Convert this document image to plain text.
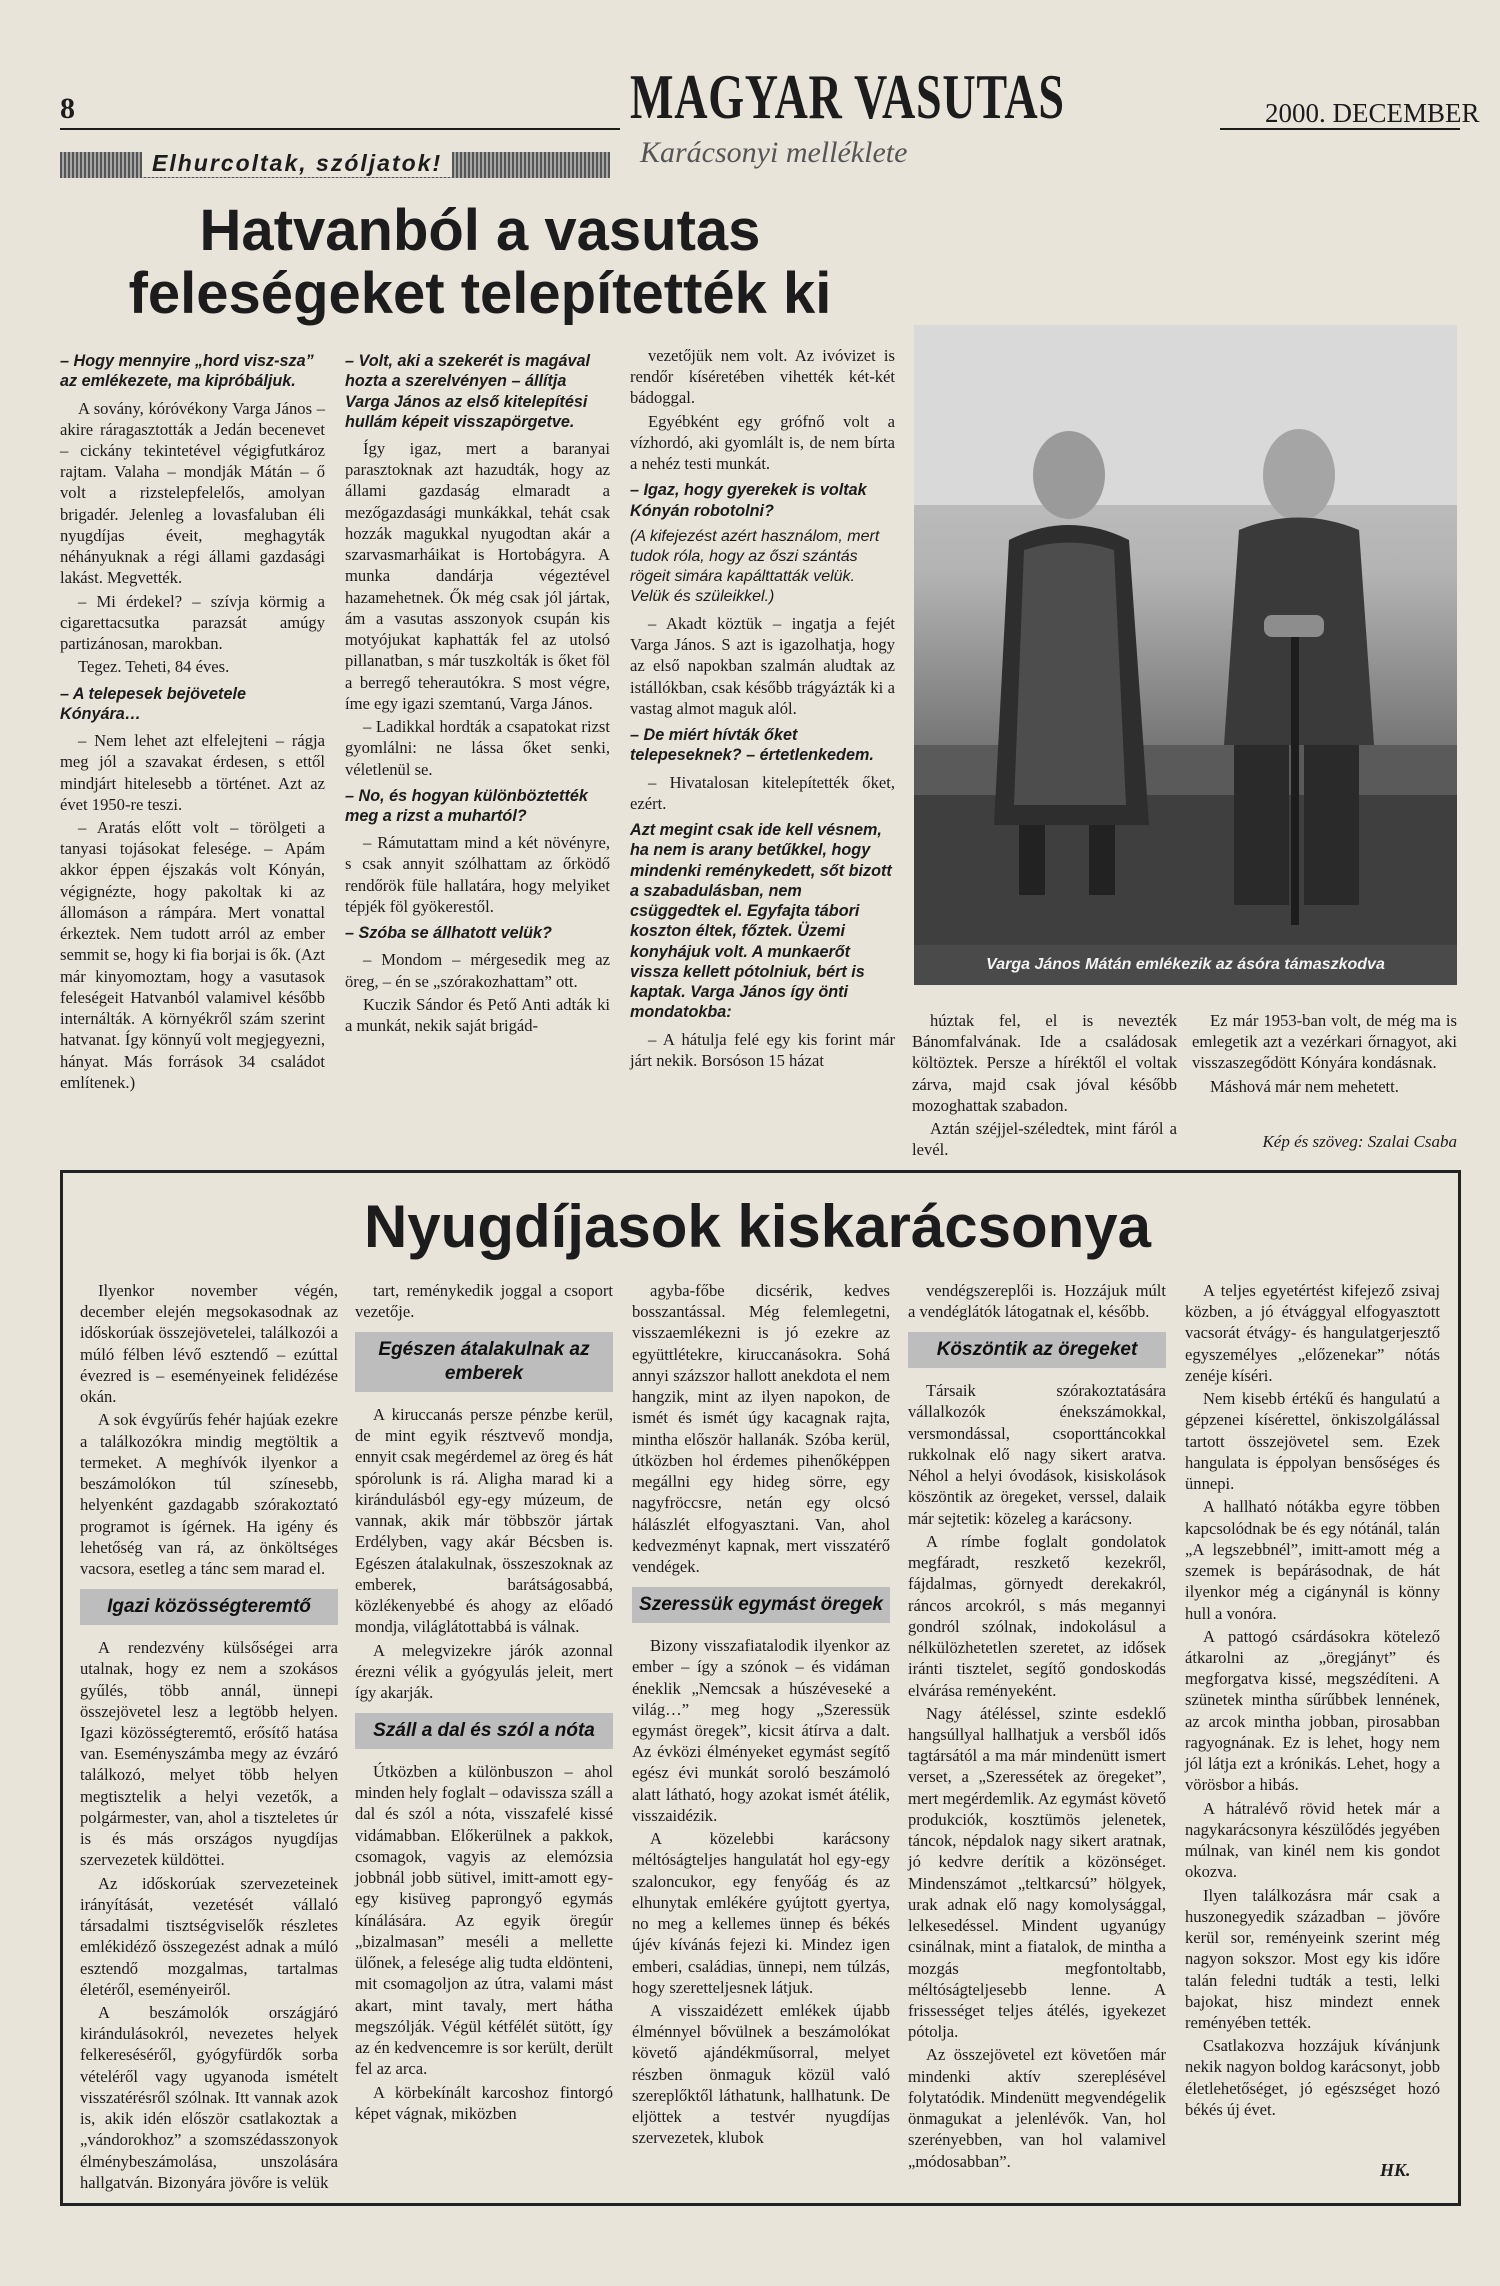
8	MAGYAR VASUTAS
Karácsonyi melléklete
2000. DECEMBER
Elhurcoltak, szóljatok!
Hatvanból a vasutas
feleségeket telepítették ki
– Hogy mennyire „hord visz-sza” az emlékezete, ma kipróbáljuk.

A sovány, kóróvékony Varga János – akire ráragasztották a Jedán becenevet – cickány tekintetével végigfutkároz rajtam. Valaha – mondják Mátán – ő volt a rizstelepfelelős, amolyan brigadér. Jelenleg a lovasfaluban éli nyugdíjas éveit, meghagyták néhányuknak a régi állami gazdasági lakást. Megvették.

– Mi érdekel? – szívja körmig a cigarettacsutka parazsát amúgy partizánosan, marokban.

Tegez. Teheti, 84 éves.

– A telepesek bejövetele Kónyára…

– Nem lehet azt elfelejteni – rágja meg jól a szavakat érdesen, s ettől mindjárt hitelesebb a történet. Azt az évet 1950-re teszi.

– Aratás előtt volt – törölgeti a tanyasi tojásokat felesége. – Apám akkor éppen éjszakás volt Kónyán, végignézte, hogy pakoltak ki az állomáson a rámpára. Mert vonattal érkeztek. Nem tudott arról az ember semmit se, hogy ki fia borjai is ők. (Azt már kinyomoztam, hogy a vasutasok feleségeit Hatvanból valamivel később internálták. A környékről szám szerint hatvanat. Így könnyű volt megjegyezni, hányat. Más források 34 családot említenek.)

– Volt, aki a szekerét is magával hozta a szerelvényen – állítja Varga János az első kitelepítési hullám képeit visszapörgetve.

Így igaz, mert a baranyai parasztoknak azt hazudták, hogy az állami gazdaság elmaradt a mezőgazdasági munkákkal, tehát csak hozzák magukkal nyugodtan akár a szarvasmarháikat is Hortobágyra. A munka dandárja végeztével hazamehetnek. Ők még csak jól jártak, ám a vasutas asszonyok csupán kis motyójukat kaphatták fel az utolsó pillanatban, s már tuszkolták is őket föl a berregő teherautókra. S most végre, íme egy igazi szemtanú, Varga János.

– Ladikkal hordták a csapatokat rizst gyomlálni: ne lássa őket senki, véletlenül se.

– No, és hogyan különböztették meg a rizst a muhartól?

– Rámutattam mind a két növényre, s csak annyit szólhattam az őrködő rendőrök füle hallatára, hogy melyiket tépjék föl gyökerestől.

– Szóba se állhatott velük?

– Mondom – mérgesedik meg az öreg, – én se „szórakozhattam” ott.

Kuczik Sándor és Pető Anti adták ki a munkát, nekik saját brigád-

vezetőjük nem volt. Az ivóvizet is rendőr kíséretében vihették két-két bádoggal.

Egyébként egy grófnő volt a vízhordó, aki gyomlált is, de nem bírta a nehéz testi munkát.

– Igaz, hogy gyerekek is voltak Kónyán robotolni?
(A kifejezést azért használom, mert tudok róla, hogy az őszi szántás rögeit simára kapálttatták velük. Velük és szüleikkel.)

– Akadt köztük – ingatja a fejét Varga János. S azt is igazolhatja, hogy az első napokban szalmán aludtak az istállókban, csak később trágyázták ki a vastag almot maguk alól.

– De miért hívták őket telepeseknek? – értetlenkedem.

– Hivatalosan kitelepítették őket, ezért.

Azt megint csak ide kell vésnem, ha nem is arany betűkkel, hogy mindenki reménykedett, sőt bizott a szabadulásban, nem csüggedtek el. Egyfajta tábori koszton éltek, főztek. Üzemi konyhájuk volt. A munkaerőt vissza kellett pótolniuk, bért is kaptak. Varga János így önti mondatokba:

– A hátulja felé egy kis forint már járt nekik. Borsóson 15 házat

Varga János Mátán emlékezik az ásóra támaszkodva

húztak fel, el is nevezték Bánomfalvának. Ide a családosak költöztek. Persze a híréktől el voltak zárva, majd csak jóval később mozoghattak szabadon.

Aztán széjjel-széledtek, mint fáról a levél.

Ez már 1953-ban volt, de még ma is emlegetik azt a vezérkari őrnagyot, aki visszaszegődött Kónyára kondásnak.

Máshová már nem mehetett.

Kép és szöveg: Szalai Csaba
Nyugdíjasok kiskarácsonya

Ilyenkor november végén, december elején megsokasodnak az időskorúak összejövetelei, találkozói a múló félben lévő esztendő – ezúttal évezred is – eseményeinek felidézése okán.

A sok évgyűrűs fehér hajúak ezekre a találkozókra mindig megtöltik a termeket. A meghívók ilyenkor a beszámolókon túl színesebb, helyenként gazdagabb szórakoztató programot is ígérnek. Ha igény és lehetőség van rá, az önköltséges vacsora, esetleg a tánc sem marad el.

Igazi közösségteremtő

A rendezvény külsőségei arra utalnak, hogy ez nem a szokásos gyűlés, több annál, ünnepi összejövetel lesz a legtöbb helyen. Igazi közösségteremtő, erősítő hatása van. Eseményszámba megy az évzáró találkozó, melyet több helyen megtisztelik a helyi vezetők, a polgármester, van, ahol a tiszteletes úr is és más országos nyugdíjas szervezetek küldöttei.

Az időskorúak szervezeteinek irányítását, vezetését vállaló társadalmi tisztségviselők részletes emlékidéző összegezést adnak a múló esztendő mozgalmas, tartalmas életéről, eseményeiről.

A beszámolók országjáró kirándulásokról, nevezetes helyek felkereséséről, gyógyfürdők sorba vételéről vagy ugyanoda ismételt visszatérésről szólnak. Itt vannak azok is, akik idén először csatlakoztak a „vándorokhoz” a szomszédasszonyok élménybeszámolása, unszolására hallgatván. Bizonyára jövőre is velük

tart, reménykedik joggal a csoport vezetője.

Egészen átalakulnak az emberek

A kiruccanás persze pénzbe kerül, de mint egyik résztvevő mondja, ennyit csak megérdemel az öreg és hát spórolunk is rá. Aligha marad ki a kirándulásból egy-egy múzeum, de vannak, akik már többször jártak Erdélyben, vagy akár Bécsben is. Egészen átalakulnak, összeszoknak az emberek, barátságosabbá, közlékenyebbé és ahogy az előadó mondja, világlátottabbá is válnak.

A melegvizekre járók azonnal érezni vélik a gyógyulás jeleit, mert így akarják.

Száll a dal és szól a nóta

Útközben a különbuszon – ahol minden hely foglalt – odavissza száll a dal és szól a nóta, visszafelé kissé vidámabban. Előkerülnek a pakkok, csomagok, vagyis az elemózsia jobbnál jobb sütivel, imitt-amott egy-egy kisüveg paprongyő egymás kínálására. Az egyik öregúr „bizalmasan” meséli a mellette ülőnek, a felesége alig tudta eldönteni, mit csomagoljon az útra, valami mást akart, mint tavaly, mert hátha megszólják. Végül kétfélét sütött, így az én kedvencemre is sor került, derült fel az arca.

A körbekínált karcoshoz fintorgó képet vágnak, miközben

agyba-főbe dicsérik, kedves bosszantással. Még felemlegetni, visszaemlékezni is jó ezekre az együttlétekre, kiruccanásokra. Sohá annyi százszor hallott anekdota el nem hangzik, mint az ilyen napokon, de ismét és ismét úgy kacagnak rajta, mintha először hallanák. Szóba kerül, útközben hol érdemes pihenőképpen megállni egy hideg sörre, egy nagyfröccsre, netán egy olcsó hálászlét elfogyasztani. Van, ahol kedvezményt kapnak, mert visszatérő vendégek.

Szeressük egymást öregek

Bizony visszafiatalodik ilyenkor az ember – így a szónok – és vidáman éneklik „Nemcsak a húszéveseké a világ…” meg hogy „Szeressük egymást öregek”, kicsit átírva a dalt. Az évközi élményeket egymást segítő egész évi munkát soroló beszámoló alatt látható, hogy azokat ismét átélik, visszaidézik.

A közelebbi karácsony méltóságteljes hangulatát hol egy-egy szaloncukor, egy fenyőág és az elhunytak emlékére gyújtott gyertya, no meg a kellemes ünnep és békés újév kívánás fejezi ki. Mindez igen emberi, családias, ünnepi, nem túlzás, hogy szeretteljesnek látjuk.

A visszaidézett emlékek újabb élménnyel bővülnek a beszámolókat követő ajándékműsorral, melyet részben önmaguk közül való szereplőktől láthatunk, hallhatunk. De eljöttek a testvér nyugdíjas szervezetek, klubok

vendégszereplői is. Hozzájuk múlt a vendéglátók látogatnak el, később.

Köszöntik az öregeket

Társaik szórakoztatására vállalkozók énekszámokkal, versmondással, csoporttáncokkal rukkolnak elő nagy sikert aratva. Néhol a helyi óvodások, kisiskolások köszöntik az öregeket, verssel, dalaik már sejtetik: közeleg a karácsony.

A rímbe foglalt gondolatok megfáradt, reszkető kezekről, fájdalmas, görnyedt derekakról, ráncos arcokról, s más megannyi gondról szólnak, indokolásul a nélkülözhetetlen szeretet, az idősek iránti tisztelet, segítő gondoskodás elvárása reményeként.

Nagy átéléssel, szinte esdeklő hangsúllyal hallhatjuk a versből idős tagtársától a ma már mindenütt ismert verset, a „Szeressétek az öregeket”, mert megérdemlik. Az egymást követő produkciók, kosztümös jelenetek, táncok, népdalok nagy sikert aratnak, jó kedvre derítik a közönséget. Mindenszámot „teltkarcsú” hölgyek, urak adnak elő nagy komolysággal, lelkesedéssel. Mindent ugyanúgy csinálnak, mint a fiatalok, de mintha a mozgás megfontoltabb, méltóságteljesebb lenne. A frissességet teljes átélés, igyekezet pótolja.

Az összejövetel ezt követően már mindenki aktív szereplésével folytatódik. Mindenütt megvendégelik önmagukat a jelenlévők. Van, hol szerényebben, van hol valamivel „módosabban”.

A teljes egyetértést kifejező zsivaj közben, a jó étvággyal elfogyasztott vacsorát étvágy- és hangulatgerjesztő egyszemélyes „előzenekar” nótás zenéje kíséri.

Nem kisebb értékű és hangulatú a gépzenei kísérettel, önkiszolgálással tartott összejövetel sem. Ezek hangulata is éppolyan bensőséges és ünnepi.

A hallható nótákba egyre többen kapcsolódnak be és egy nótánál, talán „A legszebbnél”, imitt-amott még a szemek is bepárásodnak, de hát ilyenkor még a cigánynál is könny hull a vonóra.

A pattogó csárdásokra kötelező átkarolni az „öregjányt” és megforgatva kissé, megszédíteni. A szünetek mintha sűrűbbek lennének, az arcok mintha jobban, pirosabban ragyognának. Ez is lehet, hogy nem jól látja ezt a krónikás. Lehet, hogy a vörösbor a hibás.

A hátralévő rövid hetek már a nagykarácsonyra készülődés jegyében múlnak, van kinél nem kis gondot okozva.

Ilyen találkozásra már csak a huszonegyedik században – jövőre kerül sor, reményeink szerint még nagyon sokszor. Most egy kis időre talán feledni tudták a testi, lelki bajokat, hisz mindezt ennek reményében tették.

Csatlakozva hozzájuk kívánjunk nekik nagyon boldog karácsonyt, jobb életlehetőséget, jó egészséget hozó békés új évet.

HK.
